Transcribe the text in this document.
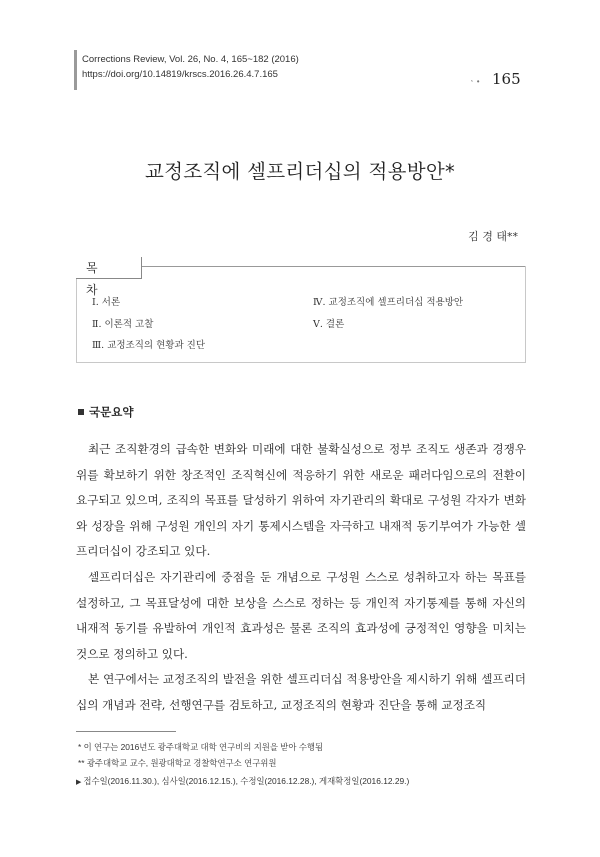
Corrections Review, Vol. 26, No. 4, 165~182 (2016)
https://doi.org/10.14819/krscs.2016.26.4.7.165
ㆍ• 165
교정조직에 셀프리더십의 적용방안*
김 경 태**
목 차
Ⅰ. 서론
Ⅱ. 이론적 고찰
Ⅲ. 교정조직의 현황과 진단
Ⅳ. 교정조직에 셀프리더십 적용방안
Ⅴ. 결론
국문요약

최근 조직환경의 급속한 변화와 미래에 대한 불확실성으로 정부 조직도 생존과 경쟁우위를 확보하기 위한 창조적인 조직혁신에 적응하기 위한 새로운 패러다임으로의 전환이 요구되고 있으며, 조직의 목표를 달성하기 위하여 자기관리의 확대로 구성원 각자가 변화와 성장을 위해 구성원 개인의 자기 통제시스템을 자극하고 내재적 동기부여가 가능한 셀프리더십이 강조되고 있다.

셀프리더십은 자기관리에 중점을 둔 개념으로 구성원 스스로 성취하고자 하는 목표를 설정하고, 그 목표달성에 대한 보상을 스스로 정하는 등 개인적 자기통제를 통해 자신의 내재적 동기를 유발하여 개인적 효과성은 물론 조직의 효과성에 긍정적인 영향을 미치는 것으로 정의하고 있다.

본 연구에서는 교정조직의 발전을 위한 셀프리더십 적용방안을 제시하기 위해 셀프리더십의 개념과 전략, 선행연구를 검토하고, 교정조직의 현황과 진단을 통해 교정조직

* 이 연구는 2016년도 광주대학교 대학 연구비의 지원을 받아 수행됨
** 광주대학교 교수, 원광대학교 경찰학연구소 연구위원
▶ 접수일(2016.11.30.), 심사일(2016.12.15.), 수정일(2016.12.28.), 게재확정일(2016.12.29.)
